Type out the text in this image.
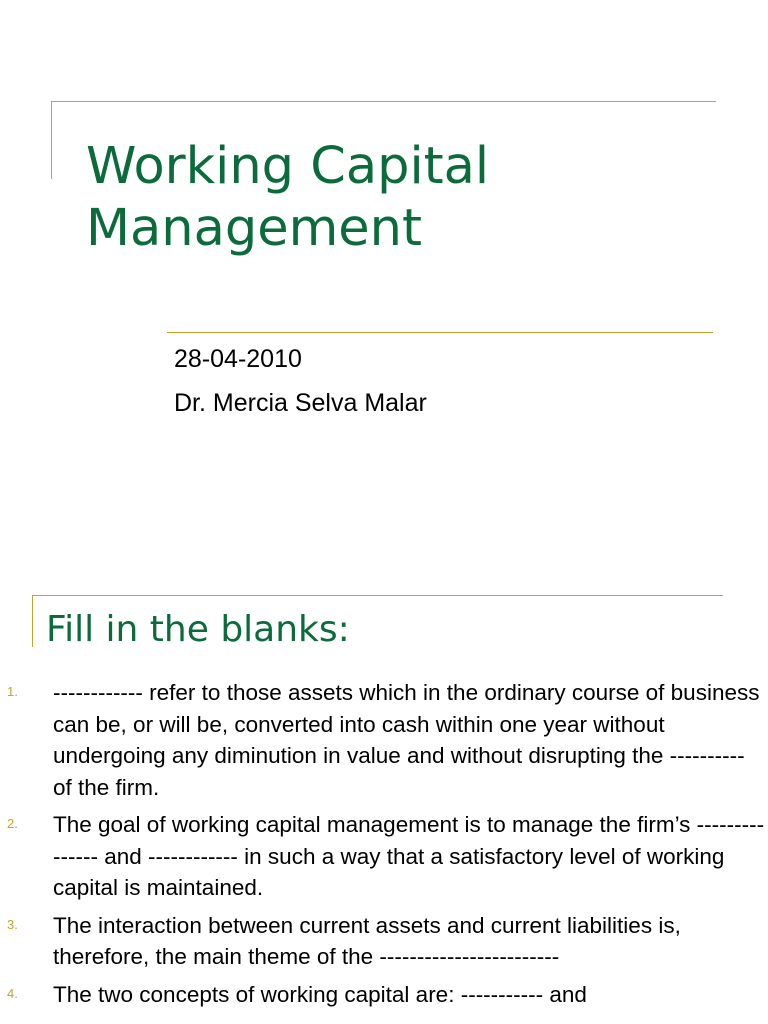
Working Capital
Management
28-04-2010
Dr. Mercia Selva Malar
Fill in the blanks:
1. ------------ refer to those assets which in the ordinary course of business can be, or will be, converted into cash within one year without undergoing any diminution in value and without disrupting the ---------- of the firm.
2. The goal of working capital management is to manage the firm’s --------------- and ------------ in such a way that a satisfactory level of working capital is maintained.
3. The interaction between current assets and current liabilities is, therefore, the main theme of the ------------------------
4. The two concepts of working capital are: ----------- and
